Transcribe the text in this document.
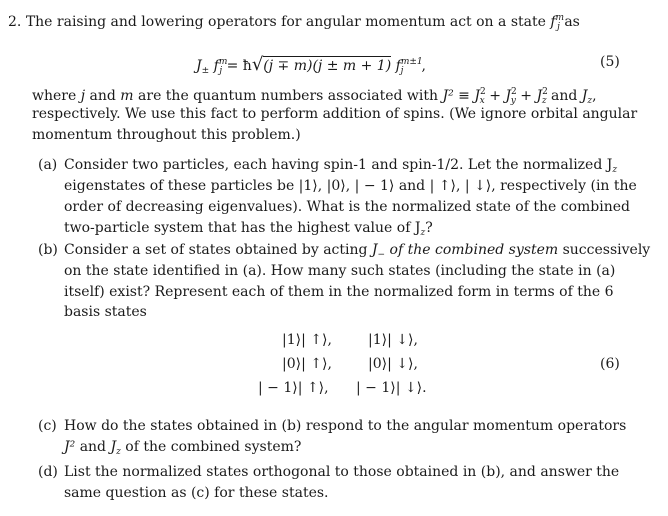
2. The raising and lowering operators for angular momentum act on a state $f^m_j$ as
$J_\pm$ $f^m_j$ = ħ√(j ∓ m)(j ± m + 1) $f^{m\pm 1}_j$ ,	(5)
where j and m are the quantum numbers associated with $J^2 \equiv J^2_x + J^2_y + J^2_z$ and $J_z$,
respectively. We use this fact to perform addition of spins. (We ignore orbital angular
momentum throughout this problem.)
(a) Consider two particles, each having spin-1 and spin-1/2. Let the normalized $J_z$
eigenstates of these particles be |1⟩, |0⟩, | − 1⟩ and | ↑⟩, | ↓⟩, respectively (in the
order of decreasing eigenvalues). What is the normalized state of the combined
two-particle system that has the highest value of $J_z$?
(b) Consider a set of states obtained by acting $J_-$ of the combined system successively
on the state identified in (a). How many such states (including the state in (a)
itself) exist? Represent each of them in the normalized form in terms of the 6
basis states
|1⟩| ↑⟩,	|1⟩| ↓⟩,
|0⟩| ↑⟩,	|0⟩| ↓⟩,
| − 1⟩| ↑⟩, | − 1⟩| ↓⟩.
(6)
(c) How do the states obtained in (b) respond to the angular momentum operators
J² and $J_z$ of the combined system?
(d) List the normalized states orthogonal to those obtained in (b), and answer the
same question as (c) for these states.
